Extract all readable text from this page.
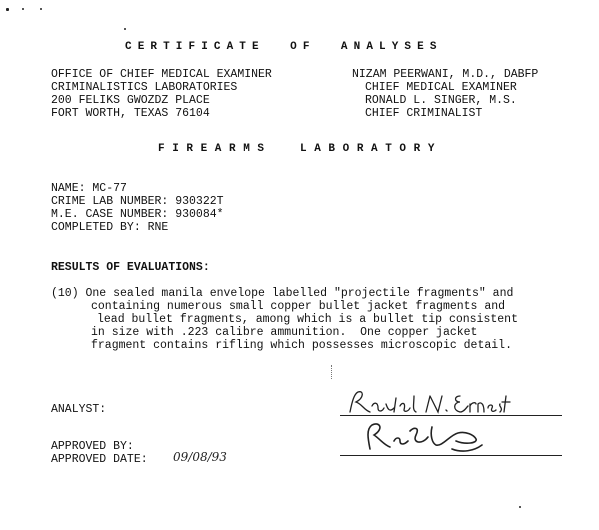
CERTIFICATE  OF  ANALYSES
OFFICE OF CHIEF MEDICAL EXAMINER
CRIMINALISTICS LABORATORIES
200 FELIKS GWOZDZ PLACE
FORT WORTH, TEXAS 76104
NIZAM PEERWANI, M.D., DABFP
CHIEF MEDICAL EXAMINER
RONALD L. SINGER, M.S.
CHIEF CRIMINALIST
FIREARMS  LABORATORY
NAME: MC-77
CRIME LAB NUMBER: 930322T
M.E. CASE NUMBER: 930084*
COMPLETED BY: RNE
RESULTS OF EVALUATIONS:
(10) One sealed manila envelope labelled "projectile fragments" and
containing numerous small copper bullet jacket fragments and
lead bullet fragments, among which is a bullet tip consistent
in size with .223 calibre ammunition.  One copper jacket
fragment contains rifling which possesses microscopic detail.
ANALYST:
APPROVED BY:
APPROVED DATE: 09/08/93
